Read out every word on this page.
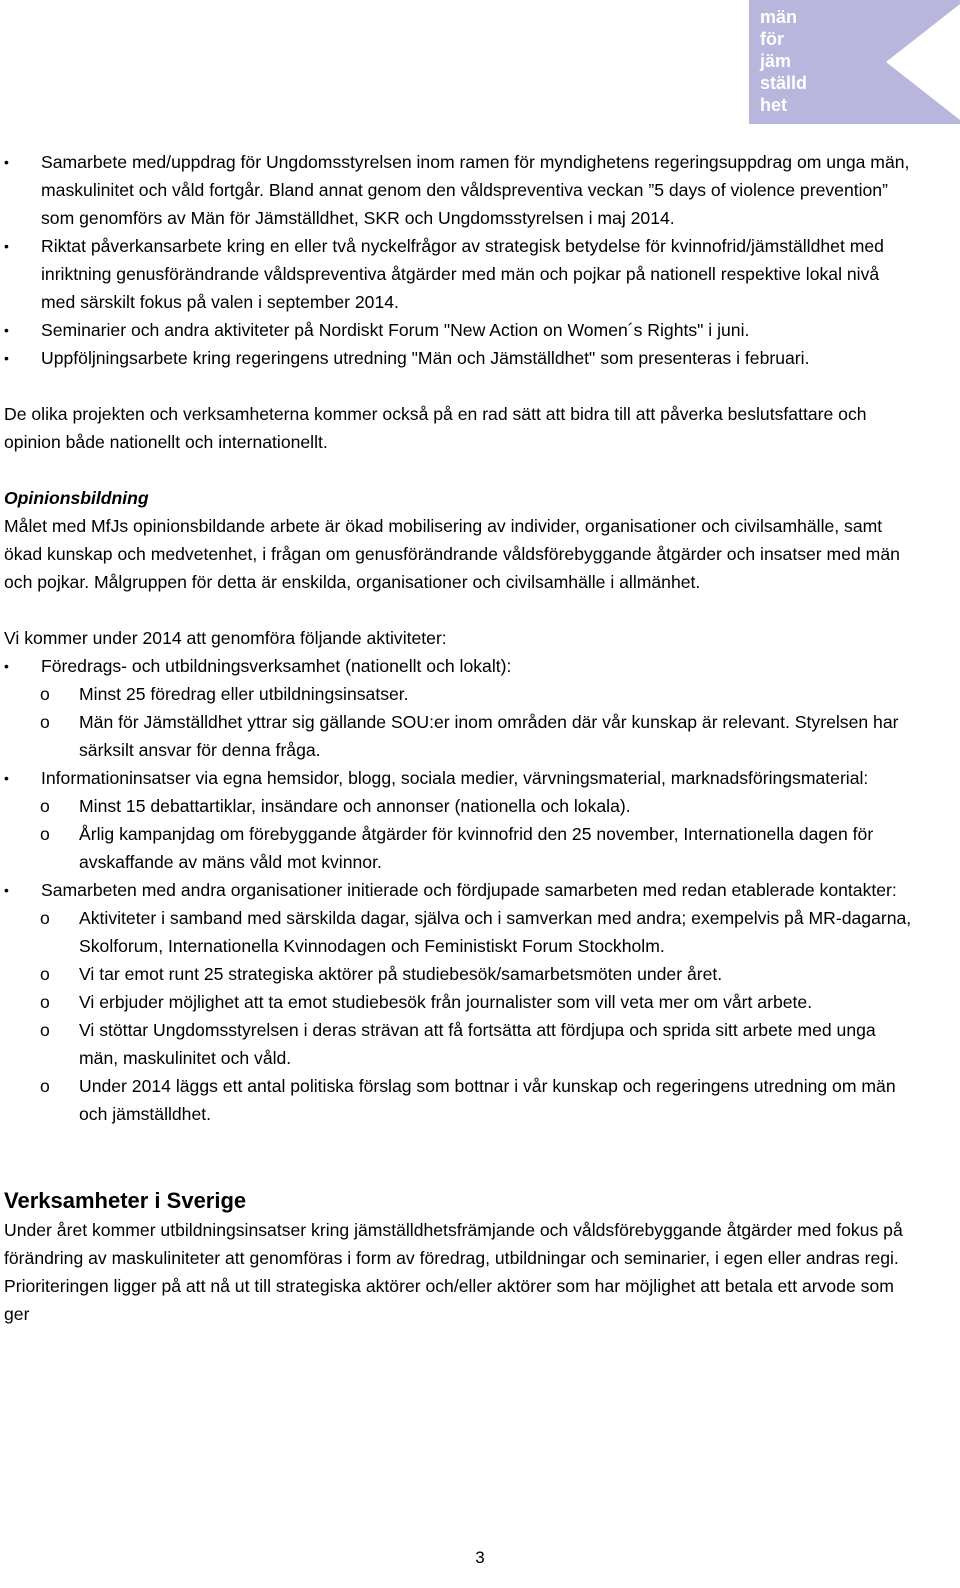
män
för
jäm
ställd
het
• Samarbete med/uppdrag för Ungdomsstyrelsen inom ramen för myndighetens regeringsuppdrag om unga män, maskulinitet och våld fortgår. Bland annat genom den våldspreventiva veckan ”5 days of violence prevention” som genomförs av Män för Jämställdhet, SKR och Ungdomsstyrelsen i maj 2014.
• Riktat påverkansarbete kring en eller två nyckelfrågor av strategisk betydelse för kvinnofrid/jämställdhet med inriktning genusförändrande våldspreventiva åtgärder med män och pojkar på nationell respektive lokal nivå med särskilt fokus på valen i september 2014.
• Seminarier och andra aktiviteter på Nordiskt Forum "New Action on Women´s Rights" i juni.
• Uppföljningsarbete kring regeringens utredning "Män och Jämställdhet" som presenteras i februari.

De olika projekten och verksamheterna kommer också på en rad sätt att bidra till att påverka beslutsfattare och opinion både nationellt och internationellt.

Opinionsbildning

Målet med MfJs opinionsbildande arbete är ökad mobilisering av individer, organisationer och civilsamhälle, samt ökad kunskap och medvetenhet, i frågan om genusförändrande våldsförebyggande åtgärder och insatser med män och pojkar. Målgruppen för detta är enskilda, organisationer och civilsamhälle i allmänhet.

Vi kommer under 2014 att genomföra följande aktiviteter:

• Föredrags- och utbildningsverksamhet (nationellt och lokalt):
o Minst 25 föredrag eller utbildningsinsatser.
o Män för Jämställdhet yttrar sig gällande SOU:er inom områden där vår kunskap är relevant. Styrelsen har särksilt ansvar för denna fråga.
• Informationinsatser via egna hemsidor, blogg, sociala medier, värvningsmaterial, marknadsföringsmaterial:
o Minst 15 debattartiklar, insändare och annonser (nationella och lokala).
o Årlig kampanjdag om förebyggande åtgärder för kvinnofrid den 25 november, Internationella dagen för avskaffande av mäns våld mot kvinnor.
• Samarbeten med andra organisationer initierade och fördjupade samarbeten med redan etablerade kontakter:
o Aktiviteter i samband med särskilda dagar, själva och i samverkan med andra; exempelvis på MR-dagarna, Skolforum, Internationella Kvinnodagen och Feministiskt Forum Stockholm.
o Vi tar emot runt 25 strategiska aktörer på studiebesök/samarbetsmöten under året.
o Vi erbjuder möjlighet att ta emot studiebesök från journalister som vill veta mer om vårt arbete.
o Vi stöttar Ungdomsstyrelsen i deras strävan att få fortsätta att fördjupa och sprida sitt arbete med unga män, maskulinitet och våld.
o Under 2014 läggs ett antal politiska förslag som bottnar i vår kunskap och regeringens utredning om män och jämställdhet.

Verksamheter i Sverige

Under året kommer utbildningsinsatser kring jämställdhetsfrämjande och våldsförebyggande åtgärder med fokus på förändring av maskuliniteter att genomföras i form av föredrag, utbildningar och seminarier, i egen eller andras regi. Prioriteringen ligger på att nå ut till strategiska aktörer och/eller aktörer som har möjlighet att betala ett arvode som ger

3
